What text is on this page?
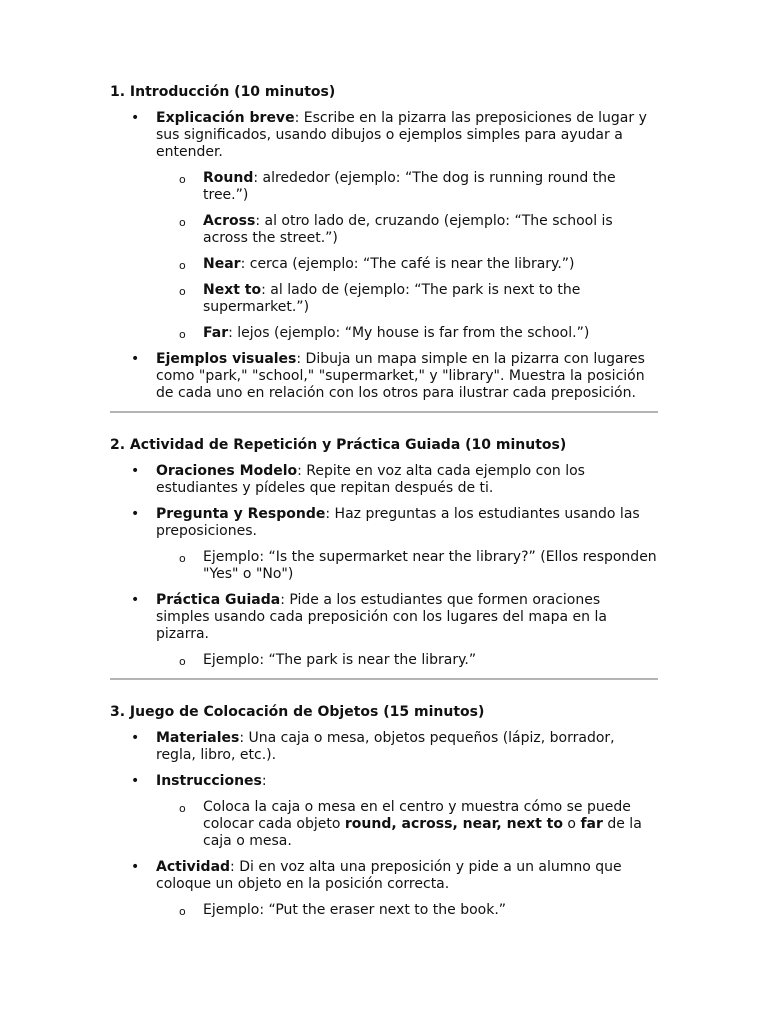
1. Introducción (10 minutos)
• Explicación breve: Escribe en la pizarra las preposiciones de lugar y sus significados, usando dibujos o ejemplos simples para ayudar a entender.
o Round: alrededor (ejemplo: “The dog is running round the tree.”)
o Across: al otro lado de, cruzando (ejemplo: “The school is across the street.”)
o Near: cerca (ejemplo: “The café is near the library.”)
o Next to: al lado de (ejemplo: “The park is next to the supermarket.”)
o Far: lejos (ejemplo: “My house is far from the school.”)
• Ejemplos visuales: Dibuja un mapa simple en la pizarra con lugares como "park," "school," "supermarket," y "library". Muestra la posición de cada uno en relación con los otros para ilustrar cada preposición.
2. Actividad de Repetición y Práctica Guiada (10 minutos)
• Oraciones Modelo: Repite en voz alta cada ejemplo con los estudiantes y pídeles que repitan después de ti.
• Pregunta y Responde: Haz preguntas a los estudiantes usando las preposiciones.
o Ejemplo: “Is the supermarket near the library?” (Ellos responden "Yes" o "No")
• Práctica Guiada: Pide a los estudiantes que formen oraciones simples usando cada preposición con los lugares del mapa en la pizarra.
o Ejemplo: “The park is near the library.”
3. Juego de Colocación de Objetos (15 minutos)
• Materiales: Una caja o mesa, objetos pequeños (lápiz, borrador, regla, libro, etc.).
• Instrucciones:
o Coloca la caja o mesa en el centro y muestra cómo se puede colocar cada objeto round, across, near, next to o far de la caja o mesa.
• Actividad: Di en voz alta una preposición y pide a un alumno que coloque un objeto en la posición correcta.
o Ejemplo: “Put the eraser next to the book.”
